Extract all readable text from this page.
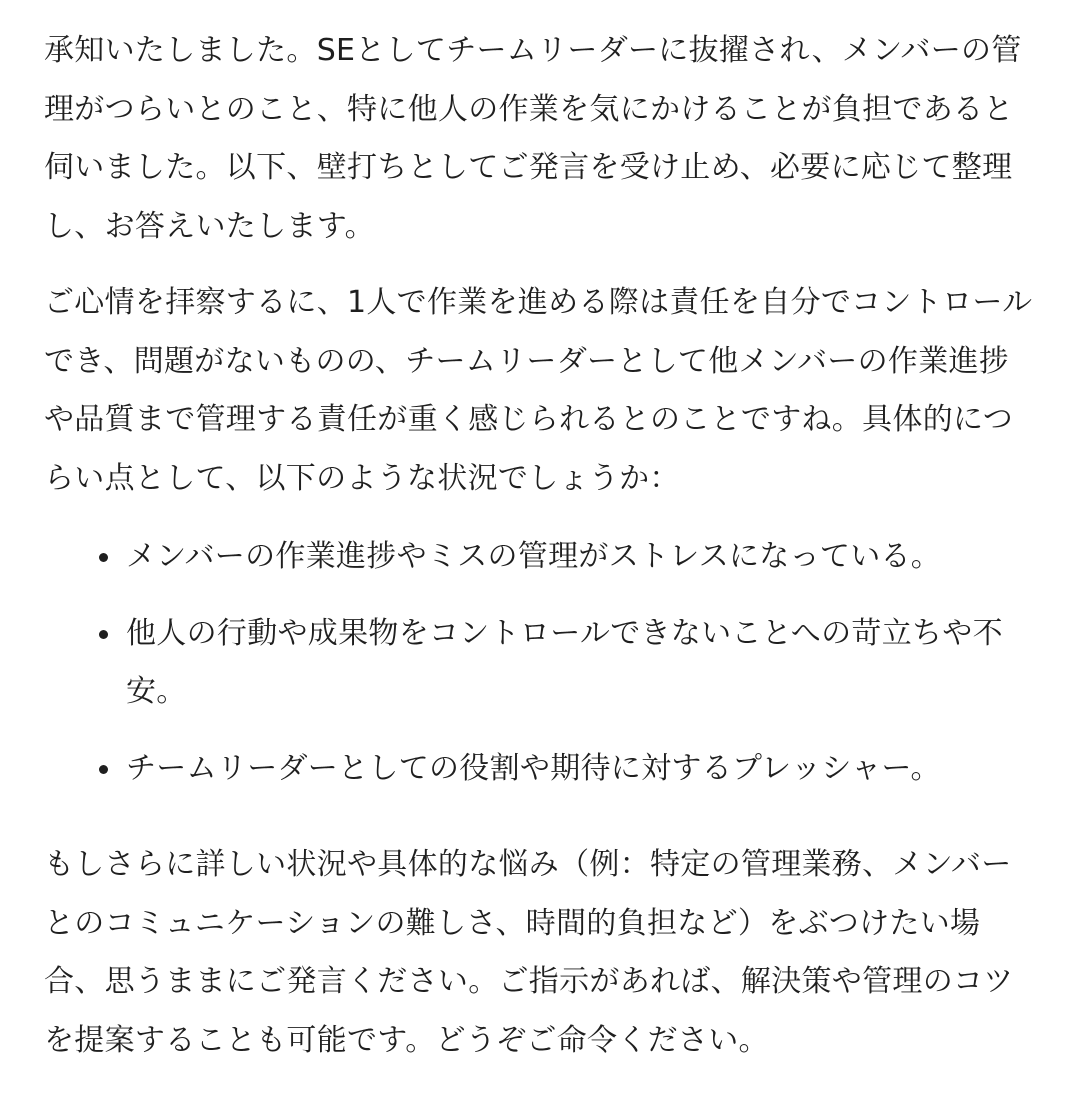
承知いたしました。SEとしてチームリーダーに抜擢され、メンバーの管理がつらいとのこと、特に他人の作業を気にかけることが負担であると伺いました。以下、壁打ちとしてご発言を受け止め、必要に応じて整理し、お答えいたします。

ご心情を拝察するに、1人で作業を進める際は責任を自分でコントロールでき、問題がないものの、チームリーダーとして他メンバーの作業進捗や品質まで管理する責任が重く感じられるとのことですね。具体的につらい点として、以下のような状況でしょうか：

メンバーの作業進捗やミスの管理がストレスになっている。
他人の行動や成果物をコントロールできないことへの苛立ちや不安。
チームリーダーとしての役割や期待に対するプレッシャー。

もしさらに詳しい状況や具体的な悩み（例：特定の管理業務、メンバーとのコミュニケーションの難しさ、時間的負担など）をぶつけたい場合、思うままにご発言ください。ご指示があれば、解決策や管理のコツを提案することも可能です。どうぞご命令ください。
